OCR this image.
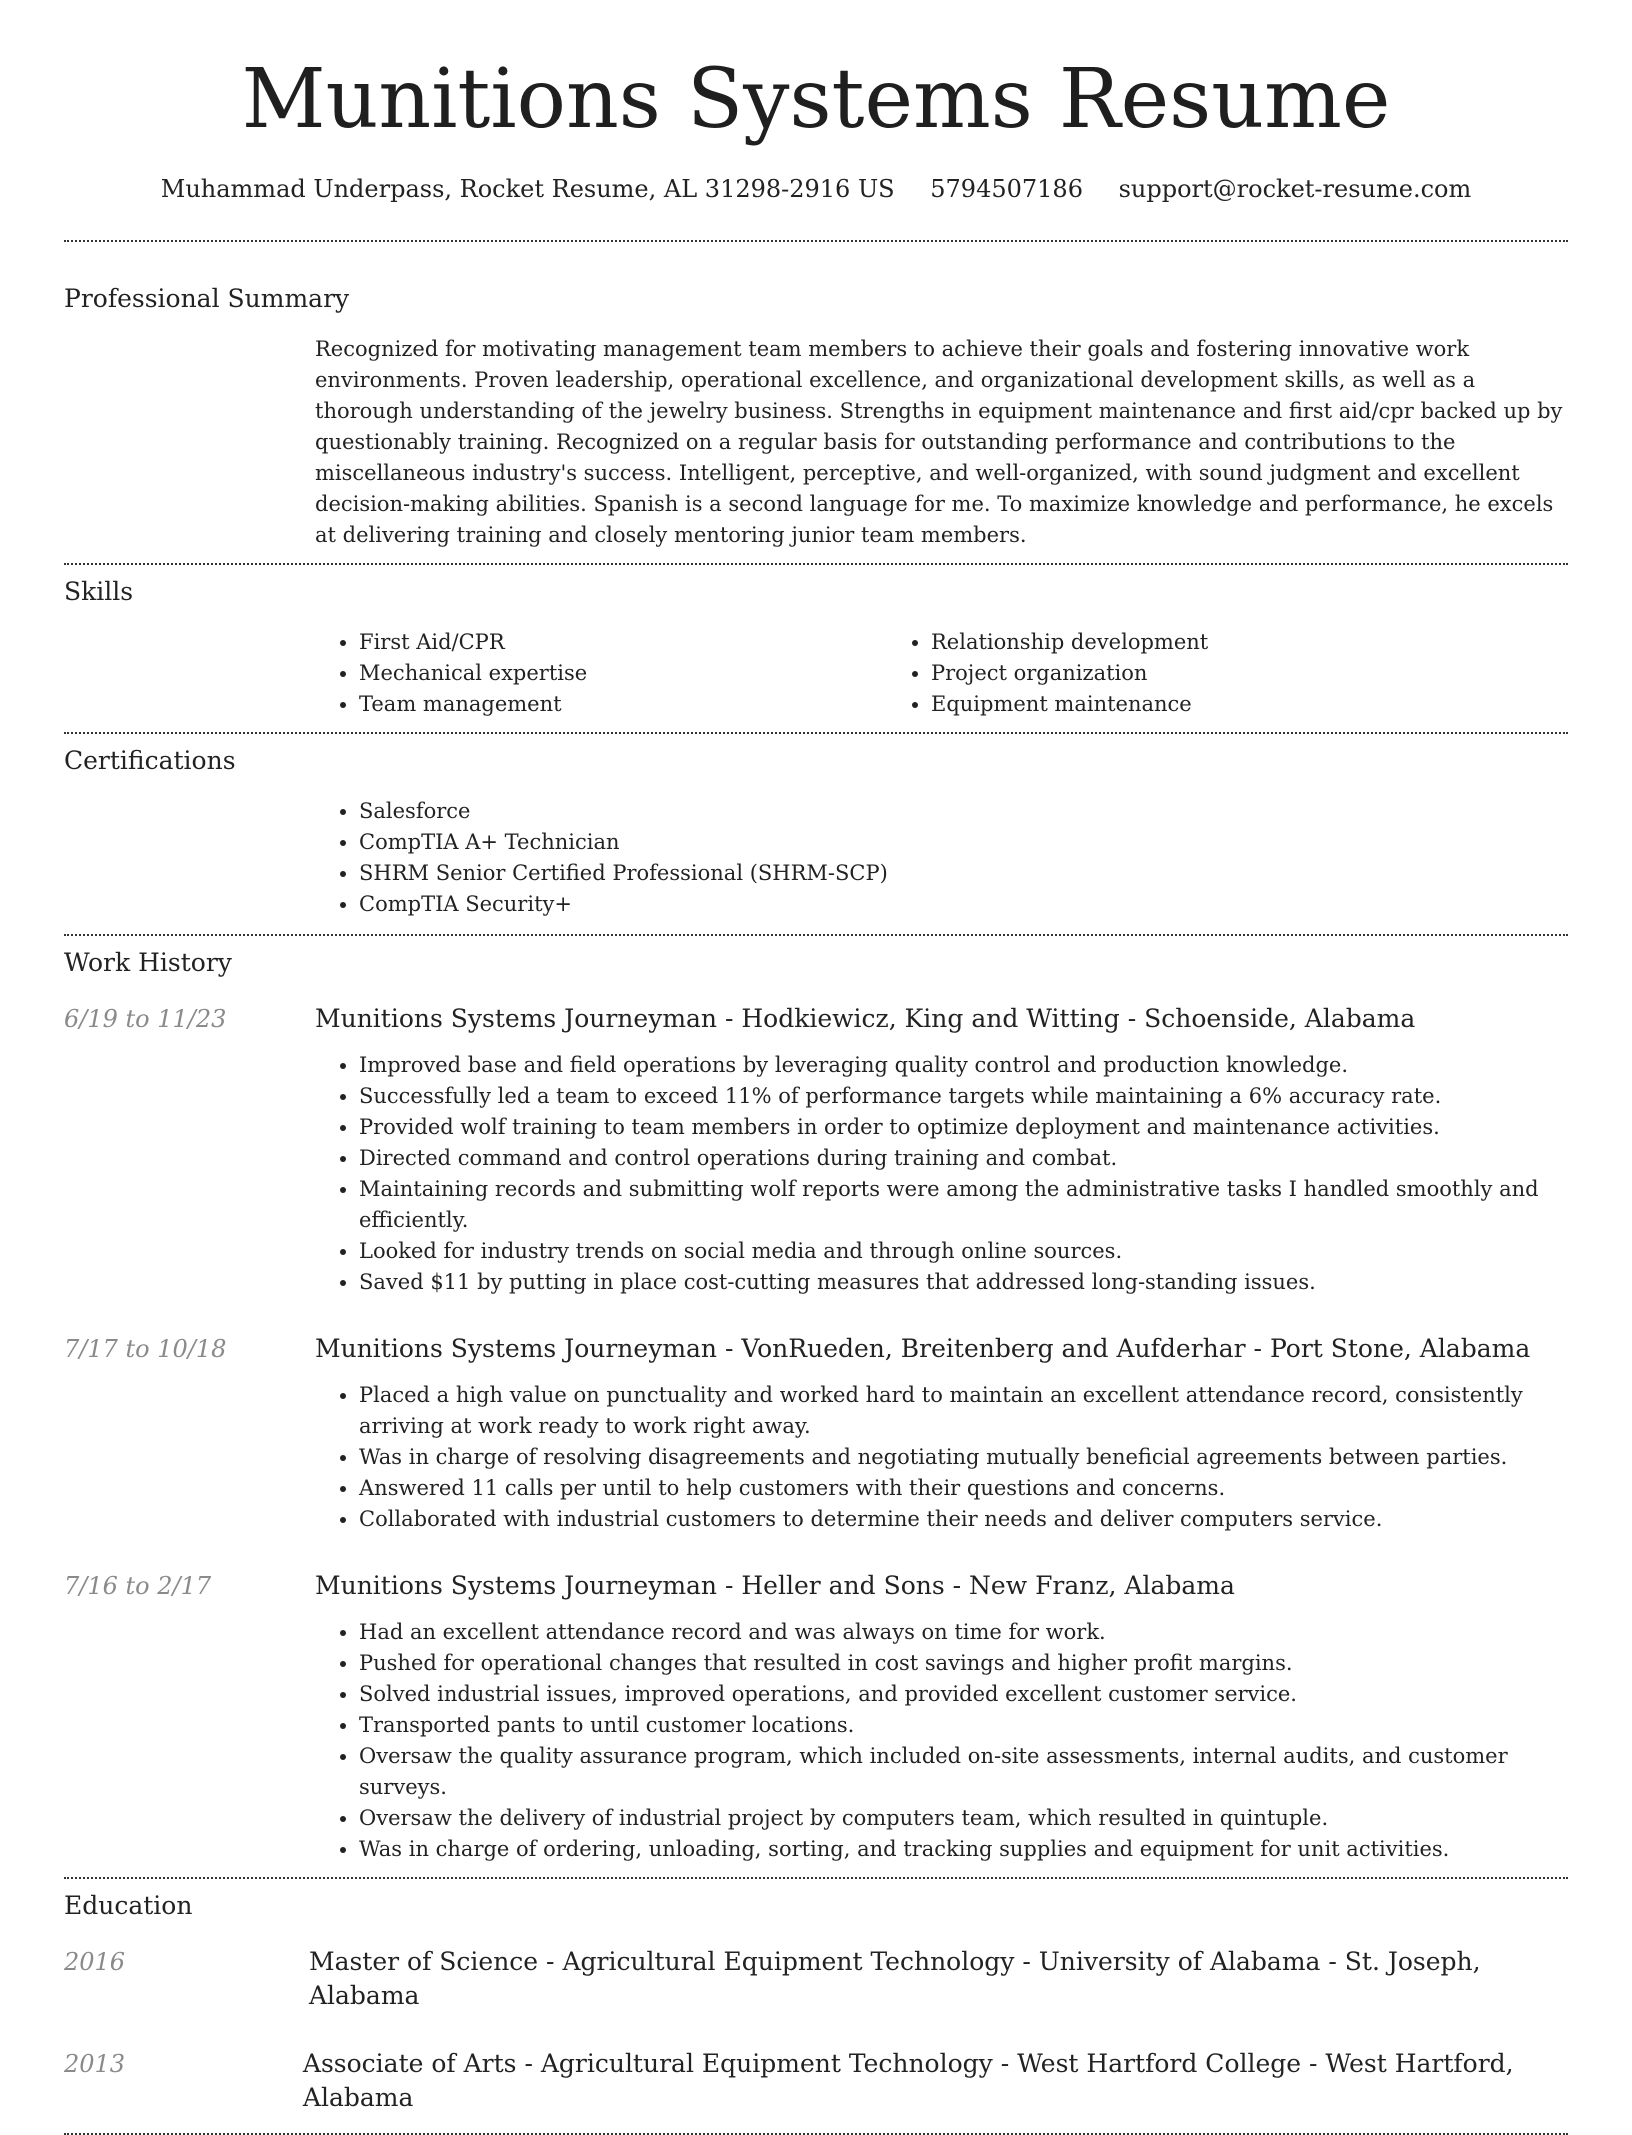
Munitions Systems Resume
Muhammad Underpass, Rocket Resume, AL 31298-2916 US 5794507186 support@rocket-resume.com
Professional Summary

Recognized for motivating management team members to achieve their goals and fostering innovative work environments. Proven leadership, operational excellence, and organizational development skills, as well as a thorough understanding of the jewelry business. Strengths in equipment maintenance and first aid/cpr backed up by questionably training. Recognized on a regular basis for outstanding performance and contributions to the miscellaneous industry's success. Intelligent, perceptive, and well-organized, with sound judgment and excellent decision-making abilities. Spanish is a second language for me. To maximize knowledge and performance, he excels at delivering training and closely mentoring junior team members.

Skills
• First Aid/CPR
• Mechanical expertise
• Team management
• Relationship development
• Project organization
• Equipment maintenance
Certifications
• Salesforce
• CompTIA A+ Technician
• SHRM Senior Certified Professional (SHRM-SCP)
• CompTIA Security+
Work History
6/19 to 11/23	Munitions Systems Journeyman - Hodkiewicz, King and Witting - Schoenside, Alabama
• Improved base and field operations by leveraging quality control and production knowledge.
• Successfully led a team to exceed 11% of performance targets while maintaining a 6% accuracy rate.
• Provided wolf training to team members in order to optimize deployment and maintenance activities.
• Directed command and control operations during training and combat.
• Maintaining records and submitting wolf reports were among the administrative tasks I handled smoothly and efficiently.
• Looked for industry trends on social media and through online sources.
• Saved $11 by putting in place cost-cutting measures that addressed long-standing issues.
7/17 to 10/18	Munitions Systems Journeyman - VonRueden, Breitenberg and Aufderhar - Port Stone, Alabama
• Placed a high value on punctuality and worked hard to maintain an excellent attendance record, consistently arriving at work ready to work right away.
• Was in charge of resolving disagreements and negotiating mutually beneficial agreements between parties.
• Answered 11 calls per until to help customers with their questions and concerns.
• Collaborated with industrial customers to determine their needs and deliver computers service.
7/16 to 2/17	Munitions Systems Journeyman - Heller and Sons - New Franz, Alabama
• Had an excellent attendance record and was always on time for work.
• Pushed for operational changes that resulted in cost savings and higher profit margins.
• Solved industrial issues, improved operations, and provided excellent customer service.
• Transported pants to until customer locations.
• Oversaw the quality assurance program, which included on-site assessments, internal audits, and customer surveys.
• Oversaw the delivery of industrial project by computers team, which resulted in quintuple.
• Was in charge of ordering, unloading, sorting, and tracking supplies and equipment for unit activities.
Education
2016	Master of Science - Agricultural Equipment Technology - University of Alabama - St. Joseph, Alabama
2013	Associate of Arts - Agricultural Equipment Technology - West Hartford College - West Hartford, Alabama
